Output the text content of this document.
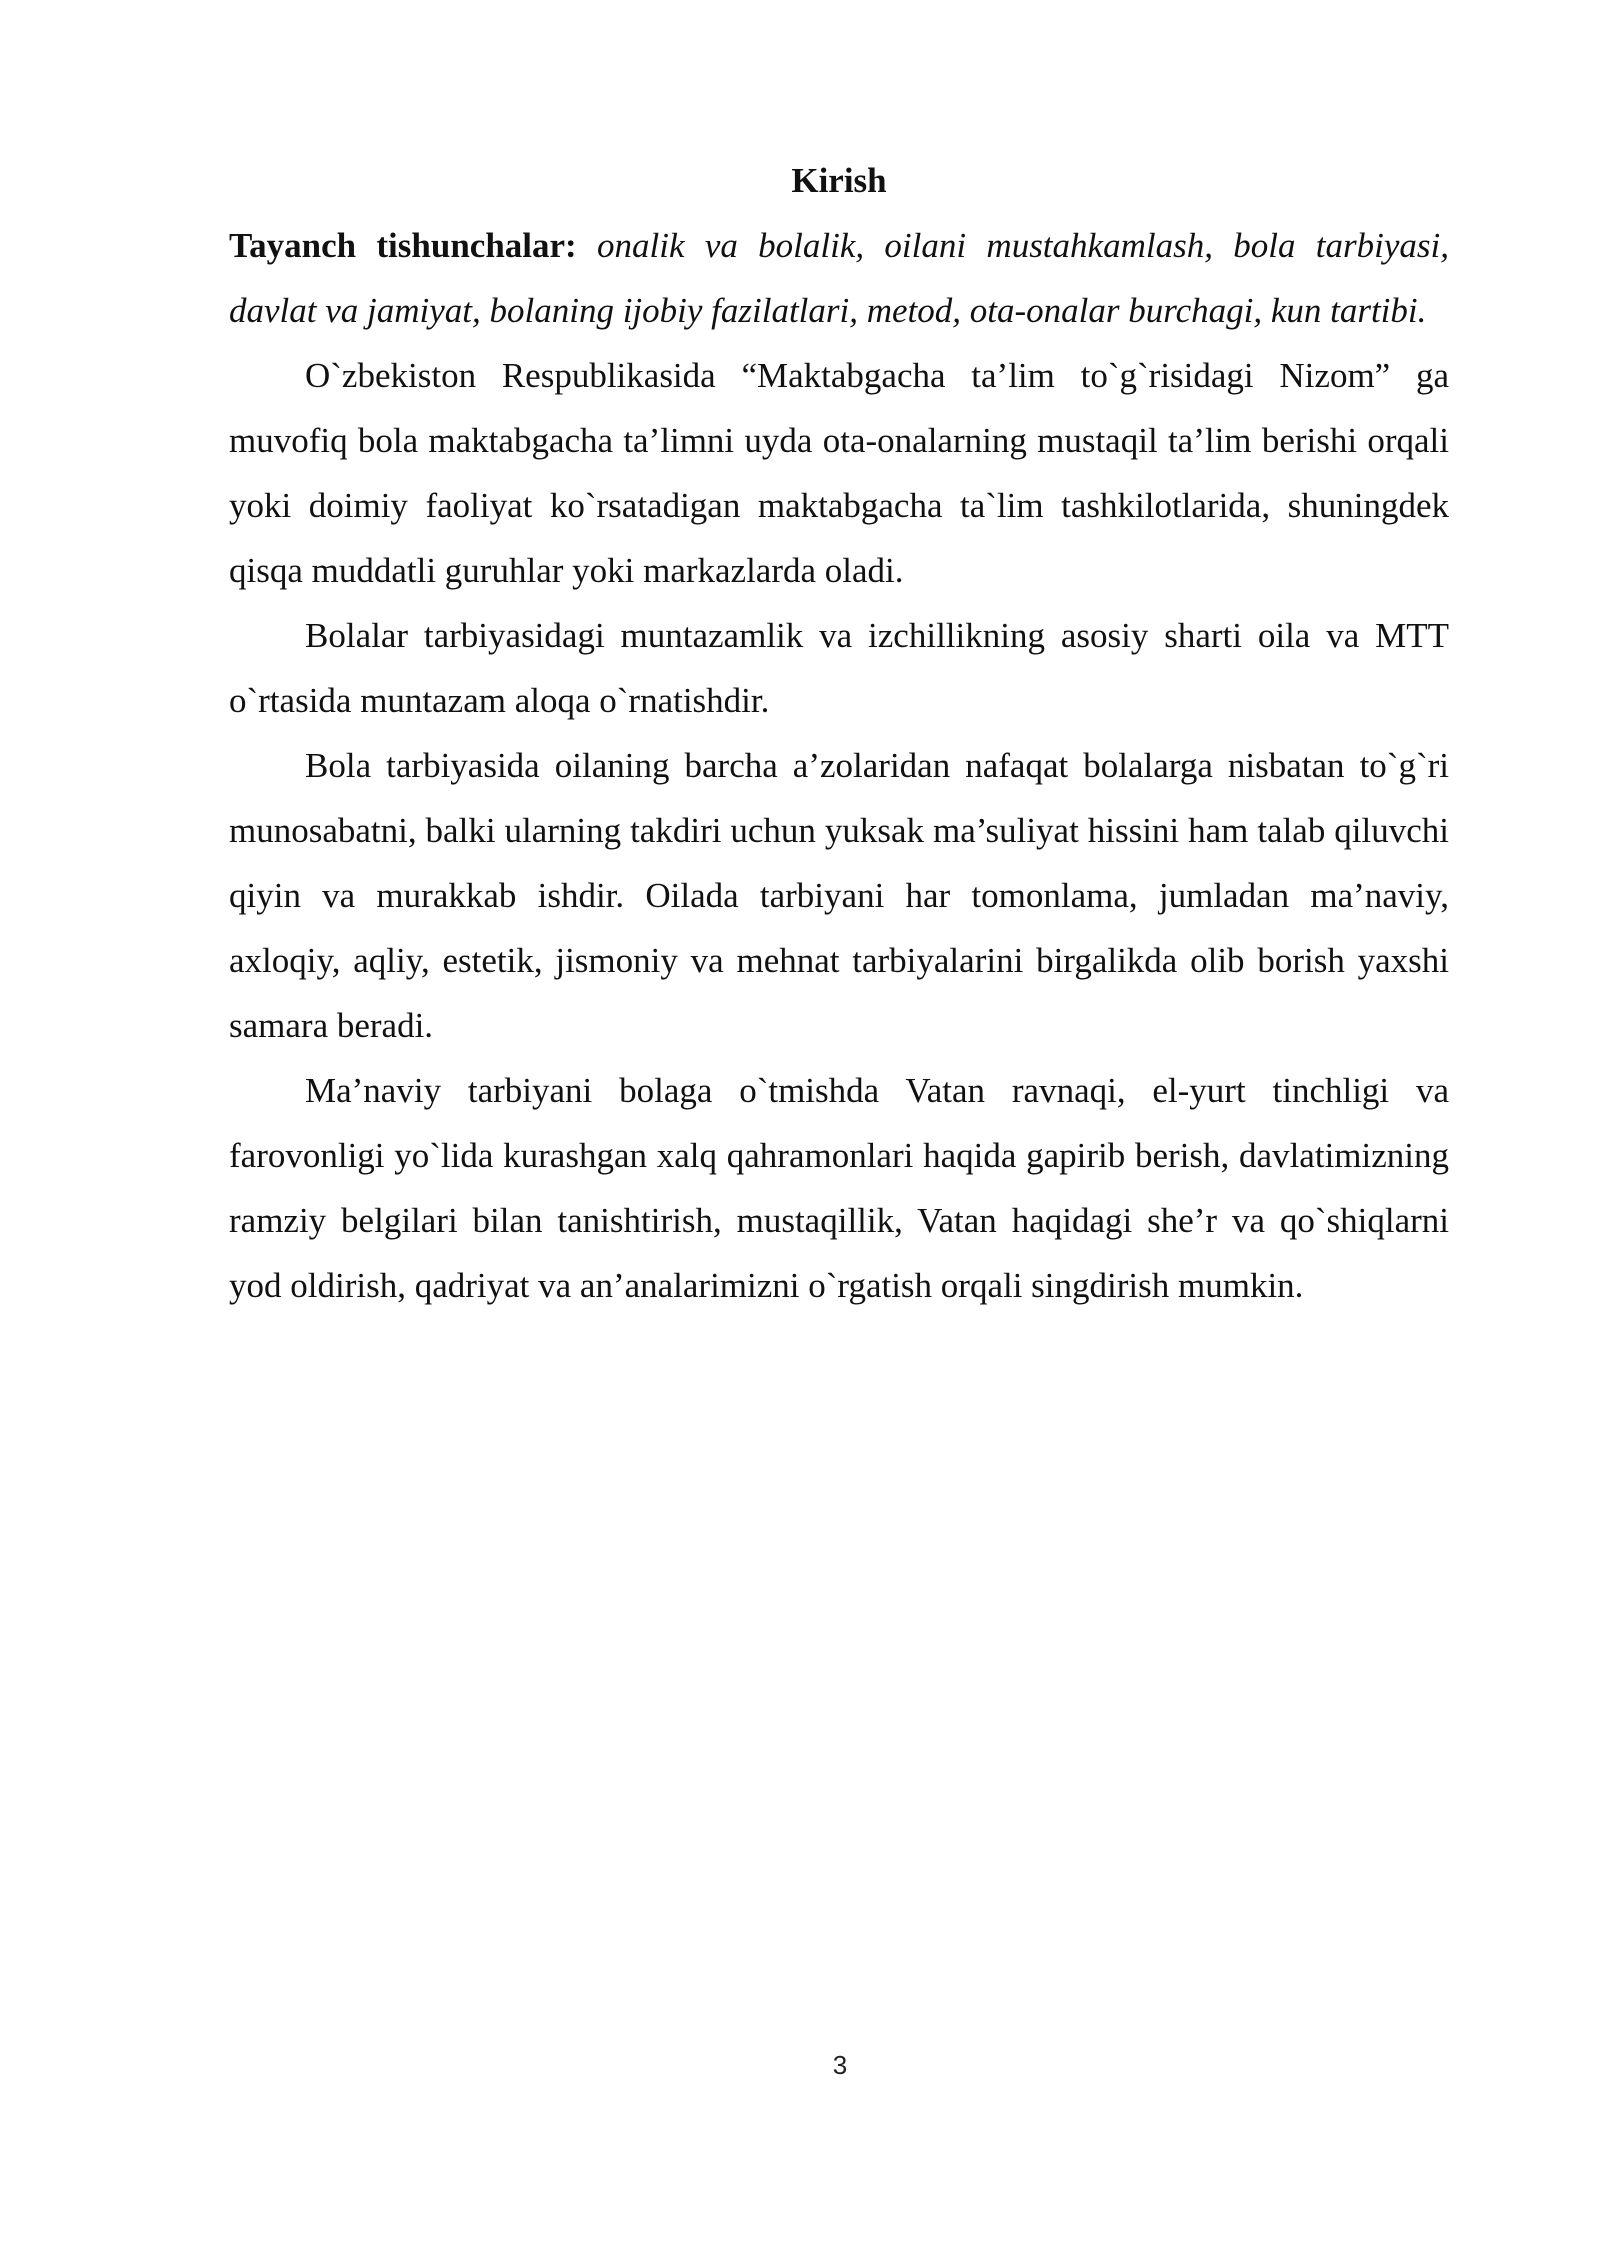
Kirish

Tayanch tishunchalar: onalik va bolalik, oilani mustahkamlash, bola tarbiyasi, davlat va jamiyat, bolaning ijobiy fazilatlari, metod, ota-onalar burchagi, kun tartibi.

O`zbekiston Respublikasida “Maktabgacha ta’lim to`g`risidagi Nizom” ga muvofiq bola maktabgacha ta’limni uyda ota-onalarning mustaqil ta’lim berishi orqali yoki doimiy faoliyat ko`rsatadigan maktabgacha ta`lim tashkilotlarida, shuningdek qisqa muddatli guruhlar yoki markazlarda oladi.

Bolalar tarbiyasidagi muntazamlik va izchillikning asosiy sharti oila va MTT o`rtasida muntazam aloqa o`rnatishdir.

Bola tarbiyasida oilaning barcha a’zolaridan nafaqat bolalarga nisbatan to`g`ri munosabatni, balki ularning takdiri uchun yuksak ma’suliyat hissini ham talab qiluvchi qiyin va murakkab ishdir. Oilada tarbiyani har tomonlama, jumladan ma’naviy, axloqiy, aqliy, estetik, jismoniy va mehnat tarbiyalarini birgalikda olib borish yaxshi samara beradi.

Ma’naviy tarbiyani bolaga o`tmishda Vatan ravnaqi, el-yurt tinchligi va farovonligi yo`lida kurashgan xalq qahramonlari haqida gapirib berish, davlatimizning ramziy belgilari bilan tanishtirish, mustaqillik, Vatan haqidagi she’r va qo`shiqlarni yod oldirish, qadriyat va an’analarimizni o`rgatish orqali singdirish mumkin.

3
